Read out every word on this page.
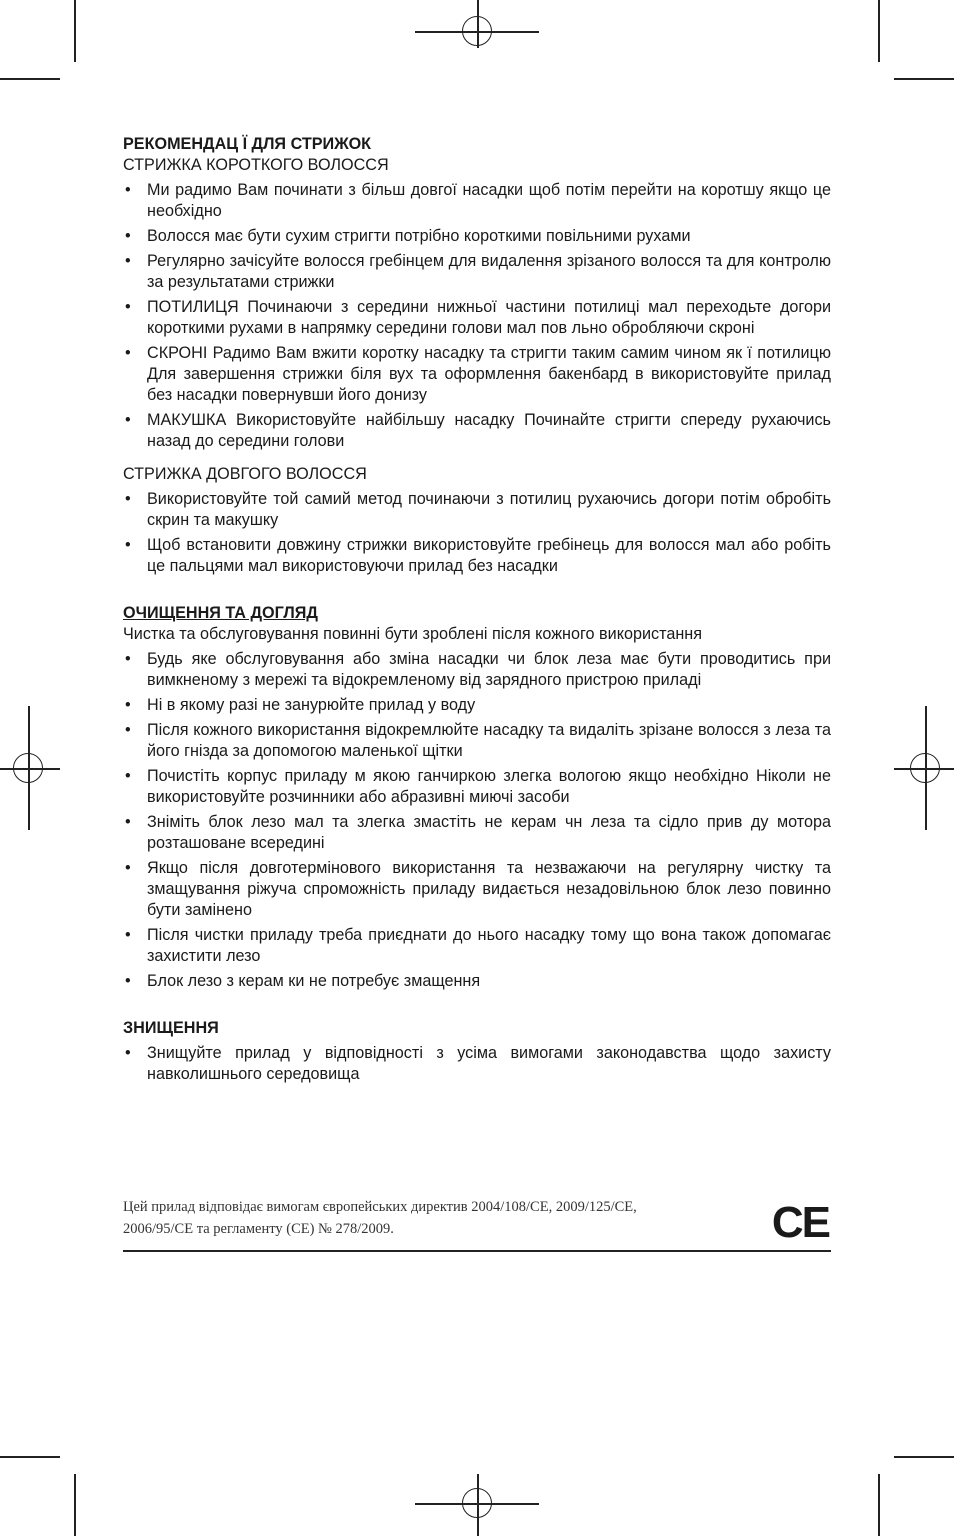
РЕКОМЕНДАЦ Ї ДЛЯ СТРИЖОК
СТРИЖКА КОРОТКОГО ВОЛОССЯ
• Ми радимо Вам починати з більш довгої насадки щоб потім перейти на коротшу якщо це необхідно
• Волосся має бути сухим стригти потрібно короткими повільними рухами
• Регулярно зачісуйте волосся гребінцем для видалення зрізаного волосся та для контролю за результатами стрижки
• ПОТИЛИЦЯ Починаючи з середини нижньої частини потилиці мал переходьте догори короткими рухами в напрямку середини голови мал пов льно обробляючи скроні
• СКРОНІ Радимо Вам вжити коротку насадку та стригти таким самим чином як ї потилицю Для завершення стрижки біля вух та оформлення бакенбард в використовуйте прилад без насадки повернувши його донизу
• МАКУШКА Використовуйте найбільшу насадку Починайте стригти спереду рухаючись назад до середини голови
СТРИЖКА ДОВГОГО ВОЛОССЯ
• Використовуйте той самий метод починаючи з потилиц рухаючись догори потім обробіть скрин та макушку
• Щоб встановити довжину стрижки використовуйте гребінець для волосся мал або робіть це пальцями мал використовуючи прилад без насадки
ОЧИЩЕННЯ ТА ДОГЛЯД
Чистка та обслуговування повинні бути зроблені після кожного використання
• Будь яке обслуговування або зміна насадки чи блок леза має бути проводитись при вимкненому з мережі та відокремленому від зарядного пристрою приладі
• Ні в якому разі не занурюйте прилад у воду
• Після кожного використання відокремлюйте насадку та видаліть зрізане волосся з леза та його гнізда за допомогою маленької щітки
• Почистіть корпус приладу м якою ганчиркою злегка вологою якщо необхідно Ніколи не використовуйте розчинники або абразивні миючі засоби
• Зніміть блок лезо мал та злегка змастіть не керам чн леза та сідло прив ду мотора розташоване всередині
• Якщо після довготермінового використання та незважаючи на регулярну чистку та змащування ріжуча спроможність приладу видається незадовільною блок лезо повинно бути замінено
• Після чистки приладу треба приєднати до нього насадку тому що вона також допомагає захистити лезо
• Блок лезо з керам ки не потребує змащення
ЗНИЩЕННЯ
• Знищуйте прилад у відповідності з усіма вимогами законодавства щодо захисту навколишнього середовища
Цей прилад відповідає вимогам європейських директив 2004/108/CE, 2009/125/CE, 2006/95/CE та регламенту (CE) № 278/2009.	CE
